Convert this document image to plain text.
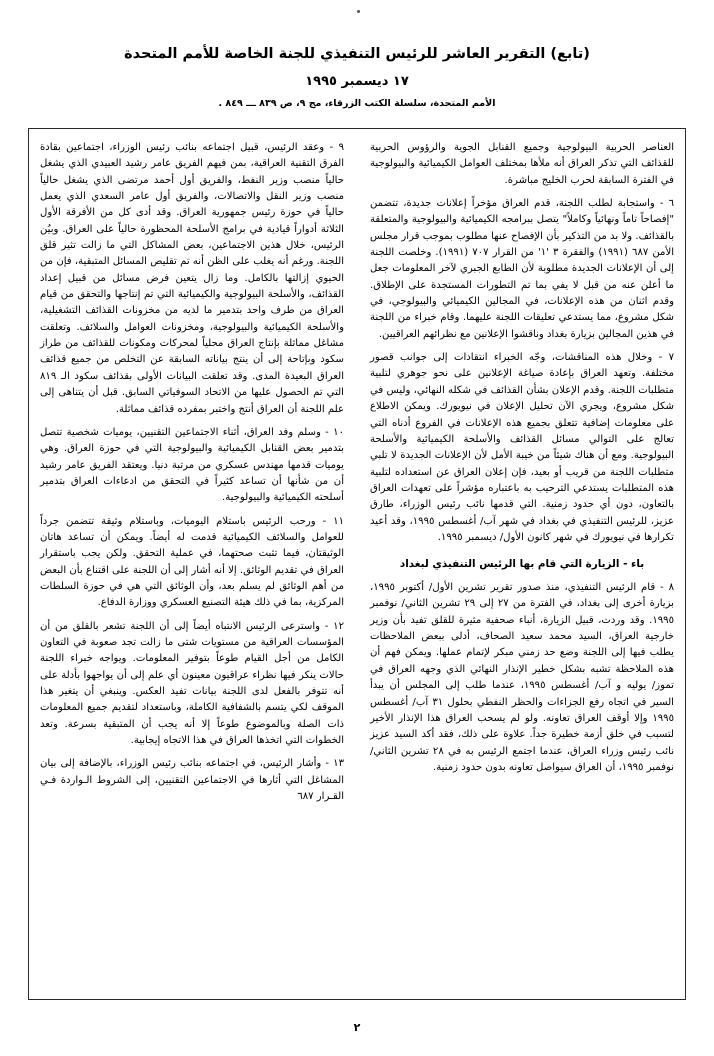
(تابع) التقرير العاشر للرئيس التنفيذي للجنة الخاصة للأمم المتحدة
١٧ ديسمبر ١٩٩٥
الأمم المتحدة، سلسلة الكتب الزرقاء، مج ٩، ص ٨٣٩ ـــ ٨٤٩ .

العناصر الحربية البيولوجية وجميع القنابل الجوية والرؤوس الحربية للقذائف التي تذكر العراق أنه ملأها بمختلف العوامل الكيميائية والبيولوجية في الفترة السابقة لحرب الخليج مباشرة.

٦ - واستجابة لطلب اللجنة، قدم العراق مؤخراً إعلانات جديدة، تتضمن "إفصاحاً تاماً ونهائياً وكاملاً" يتصل ببرامجه الكيميائية والبيولوجية والمتعلقة بالقذائف. ولا بد من التذكير بأن الإفصاح عنها مطلوب بموجب قرار مجلس الأمن ٦٨٧ (١٩٩١) والفقرة ٣ '١' من القرار ٧٠٧ (١٩٩١). وخلصت اللجنة إلى أن الإعلانات الجديدة مطلوبة لأن الطابع الجبري لآخر المعلومات جعل ما أعلن عنه من قبل لا يفي بما تم التطورات المستجدة على الإطلاق. وقدم اثنان من هذه الإعلانات، في المجالين الكيميائي والبيولوجي، في شكل مشروع، مما يستدعي تعليقات اللجنة عليهما. وقام خبراء من اللجنة في هذين المجالين بزيارة بغداد وناقشوا الإعلانين مع نظرائهم العراقيين.

٧ - وخلال هذه المناقشات، وجّه الخبراء انتقادات إلى جوانب قصور مختلفة. وتعهد العراق بإعادة صياغة الإعلانين على نحو جوهري لتلبية متطلبات اللجنة. وقدم الإعلان بشأن القذائف في شكله النهائي، وليس في شكل مشروع، ويجري الآن تحليل الإعلان في نيويورك. ويمكن الاطلاع على معلومات إضافية تتعلق بجميع هذه الإعلانات في الفروع أدناه التي تعالج على التوالي مسائل القذائف والأسلحة الكيميائية والأسلحة البيولوجية. ومع أن هناك شيئاً من خيبة الأمل لأن الإعلانات الجديدة لا تلبي متطلبات اللجنة من قريب أو بعيد، فإن إعلان العراق عن استعداده لتلبية هذه المتطلبات يستدعي الترحيب به باعتباره مؤشراً على تعهدات العراق بالتعاون، دون أي حدود زمنية. التي قدمها نائب رئيس الوزراء، طارق عزيز، للرئيس التنفيذي في بغداد في شهر آب/ أغسطس ١٩٩٥، وقد أعيد تكرارها في نيويورك في شهر كانون الأول/ ديسمبر ١٩٩٥.

باء - الزيارة التي قام بها الرئيس التنفيذي لبغداد

٨ - قام الرئيس التنفيذي، منذ صدور تقرير تشرين الأول/ أكتوبر ١٩٩٥، بزيارة أخرى إلى بغداد، في الفترة من ٢٧ إلى ٢٩ تشرين الثاني/ نوفمبر ١٩٩٥. وقد وردت، قبيل الزيارة، أنباء صحفية مثيرة للقلق تفيد بأن وزير خارجية العراق، السيد محمد سعيد الصحاف، أدلى ببعض الملاحظات يطلب فيها إلى اللجنة وضع حد زمني مبكر لإتمام عملها. ويمكن فهم أن هذه الملاحظة تشبه بشكل خطير الإنذار النهائي الذي وجهه العراق في تموز/ يوليه و آب/ أغسطس ١٩٩٥، عندما طلب إلى المجلس أن يبدأ السير في اتجاه رفع الجزاءات والحظر النفطي بحلول ٣١ آب/ أغسطس ١٩٩٥ وإلا أوقف العراق تعاونه. ولو لم يسحب العراق هذا الإنذار الأخير لتسبب في خلق أزمة خطيرة جداً. علاوة على ذلك، فقد أكد السيد عزيز نائب رئيس وزراء العراق، عندما اجتمع الرئيس به في ٢٨ تشرين الثاني/ نوفمبر ١٩٩٥، أن العراق سيواصل تعاونه بدون حدود زمنية.

٩ - وعقد الرئيس، قبيل اجتماعه بنائب رئيس الوزراء، اجتماعين بقادة الفرق التقنية العراقية، بمن فيهم الفريق عامر رشيد العبيدي الذي يشغل حالياً منصب وزير النفط، والفريق أول أحمد مرتضى الذي يشغل حالياً منصب وزير النقل والاتصالات، والفريق أول عامر السعدي الذي يعمل حالياً في حوزة رئيس جمهورية العراق. وقد أدى كل من الأفرقة الأول الثلاثة أدواراً قيادية في برامج الأسلحة المحظورة حالياً على العراق. وبيُن الرئيس، خلال هذين الاجتماعين، بعض المشاكل التي ما زالت تثير قلق اللجنة. ورغم أنه يغلب على الظن أنه تم تقليص المسائل المتبقية، فإن من الحيوي إزالتها بالكامل. وما زال يتعين فرض مسائل من قبيل إعداد القذائف، والأسلحة البيولوجية والكيميائية التي تم إنتاجها والتحقق من قيام العراق من طرف واحد بتدمير ما لديه من مخزونات القذائف التشغيلية، والأسلحة الكيميائية والبيولوجية، ومخزونات العوامل والسلائف. وتعلقت مشاغل مماثلة بإنتاج العراق محلياً لمحركات ومكونات للقذائف من طراز سكود وبإتاحة إلى أن ينتج بياناته السابقة عن التخلص من جميع قذائف العراق البعيدة المدى. وقد تعلقت البيانات الأولى بقذائف سكود الـ ٨١٩ التي تم الحصول عليها من الاتحاد السوفياتي السابق. قبل أن يتناهى إلى علم اللجنة أن العراق أنتج واختبر بمفرده قذائف مماثلة.

١٠ - وسلم وفد العراق، أثناء الاجتماعين التقنيين، يوميات شخصية تتصل بتدمير بعض القنابل الكيميائية والبيولوجية التي في حوزة العراق. وهي يوميات قدمها مهندس عسكري من مرتبة دنيا. ويعتقد الفريق عامر رشيد أن من شأنها أن تساعد كثيراً في التحقق من ادعاءات العراق بتدمير أسلحته الكيميائية والبيولوجية.

١١ - ورحب الرئيس باستلام اليوميات، وباستلام وثيقة تتضمن جرداً للعوامل والسلائف الكيميائية قدمت له أيضاً. ويمكن أن تساعد هاتان الوثيقتان، فيما تثبت صحتهما، في عملية التحقق. ولكن يجب باستقرار العراق في تقديم الوثائق. إلا أنه أشار إلى أن اللجنة على اقتناع بأن البعض من أهم الوثائق لم يسلم بعد، وأن الوثائق التي هي في حوزة السلطات المركزية، بما في ذلك هيئة التصنيع العسكري ووزارة الدفاع.

١٢ - واسترعى الرئيس الانتباه أيضاً إلى أن اللجنة تشعر بالقلق من أن المؤسسات العراقية من مستويات شتى ما زالت تجد صعوبة في التعاون الكامل من أجل القيام طوعاً بتوفير المعلومات. ويواجه خبراء اللجنة حالات ينكر فيها نظراء عراقيون معينون أي علم إلى أن يواجهوا بأدلة على أنه تتوفر بالفعل لدى اللجنة بيانات تفيد العكس. وينبغي أن يتغير هذا الموقف لكي يتسم بالشفافية الكاملة، وباستعداد لتقديم جميع المعلومات ذات الصلة وبالموضوع طوعاً إلا أنه يجب أن المتبقية بسرعة. وتعد الخطوات التي اتخذها العراق في هذا الاتجاه إيجابية.

١٣ - وأشار الرئيس، في اجتماعه بنائب رئيس الوزراء، بالإضافة إلى بيان المشاغل التي أثارها في الاجتماعين التقنيين، إلى الشروط الـواردة فـي القـرار ٦٨٧

٢
